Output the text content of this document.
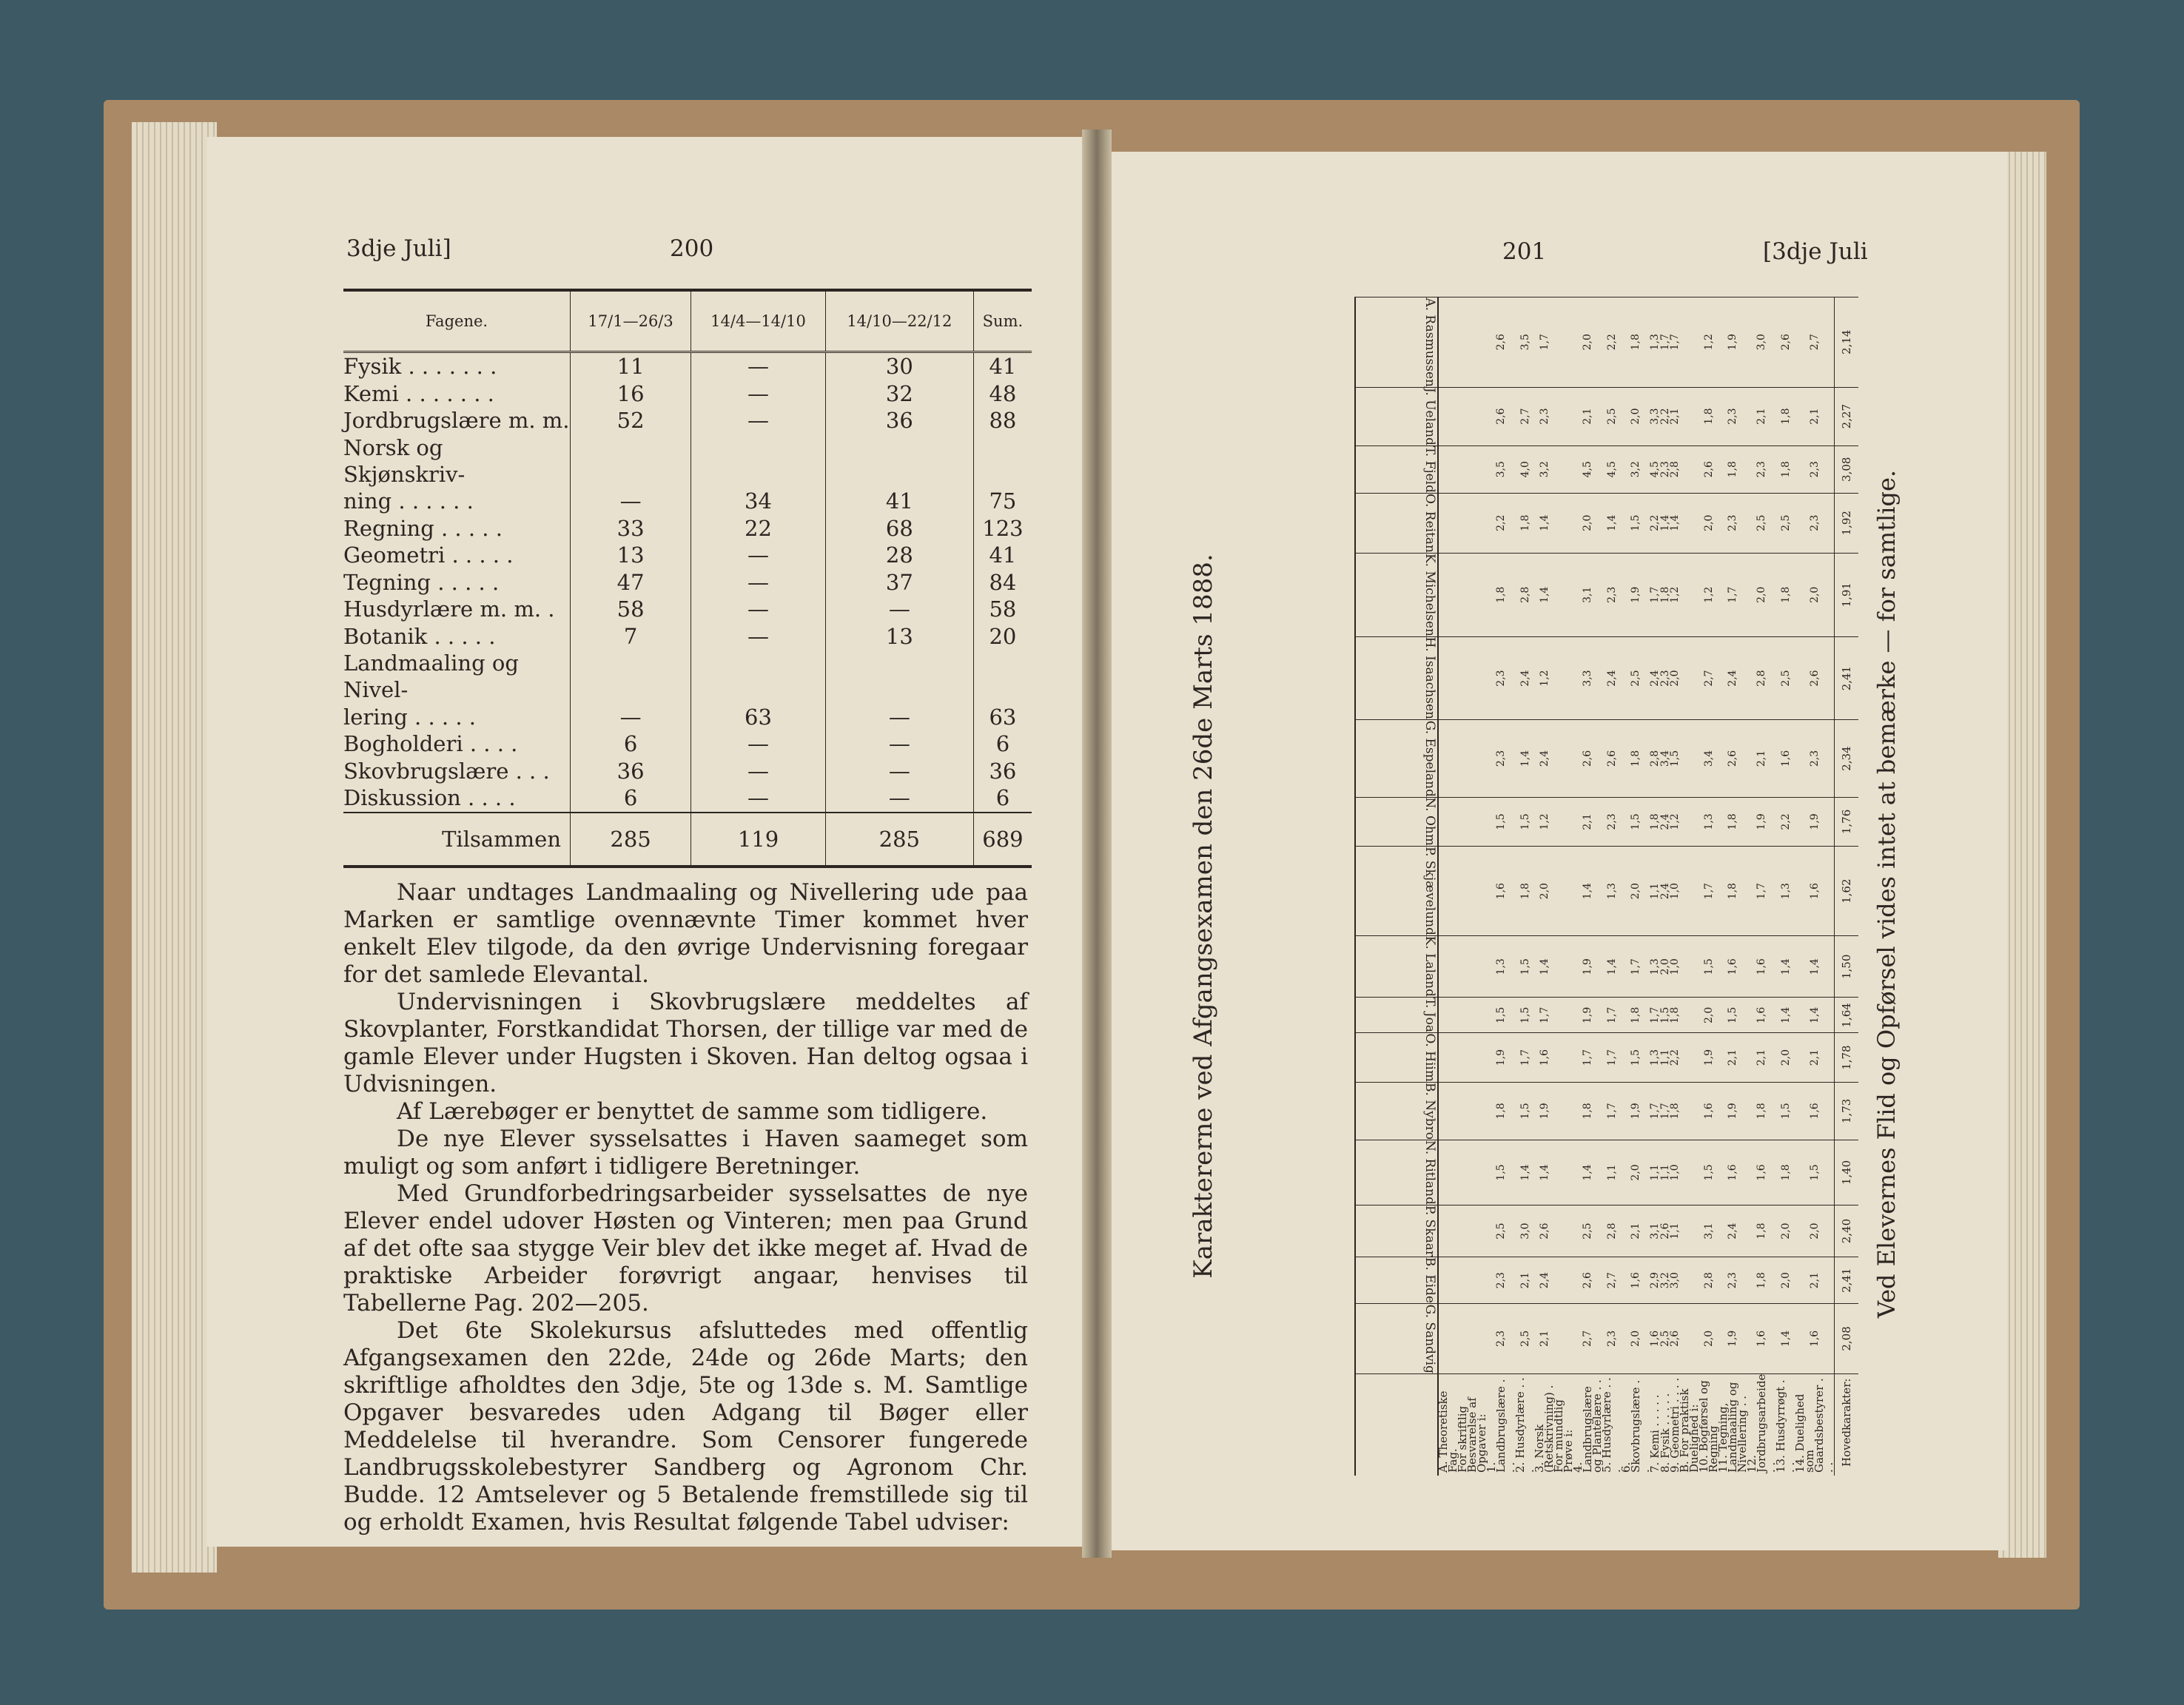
3dje Juli]	200
Fagene.	17/1—26/3	14/4—14/10	14/10—22/12	Sum.
Fysik . . . . . . .	11	—	30	41
Kemi . . . . . . .	16	—	32	48
Jordbrugslære m. m.	52	—	36	88
Norsk og Skjønskriv-				
ning . . . . . .	—	34	41	75
Regning . . . . .	33	22	68	123
Geometri . . . . .	13	—	28	41
Tegning . . . . .	47	—	37	84
Husdyrlære m. m. .	58	—	—	58
Botanik . . . . .	7	—	13	20
Landmaaling og Nivel-				
lering . . . . .	—	63	—	63
Bogholderi . . . .	6	—	—	6
Skovbrugslære . . .	36	—	—	36
Diskussion . . . .	6	—	—	6
Tilsammen	285	119	285	689

Naar undtages Landmaaling og Nivellering ude paa Marken er samtlige ovennævnte Timer kommet hver enkelt Elev tilgode, da den øvrige Undervisning foregaar for det samlede Elevantal.

Undervisningen i Skovbrugslære meddeltes af Skovplanter, Forstkandidat Thorsen, der tillige var med de gamle Elever under Hugsten i Skoven. Han deltog ogsaa i Udvisningen.

Af Lærebøger er benyttet de samme som tidligere.

De nye Elever sysselsattes i Haven saameget som muligt og som anført i tidligere Beretninger.

Med Grundforbedringsarbeider sysselsattes de nye Elever endel udover Høsten og Vinteren; men paa Grund af det ofte saa stygge Veir blev det ikke meget af. Hvad de praktiske Arbeider forøvrigt angaar, henvises til Tabellerne Pag. 202—205.

Det 6te Skolekursus afsluttedes med offentlig Afgangsexamen den 22de, 24de og 26de Marts; den skriftlige afholdtes den 3dje, 5te og 13de s. M. Samtlige Opgaver besvaredes uden Adgang til Bøger eller Meddelelse til hverandre. Som Censorer fungerede Landbrugsskolebestyrer Sandberg og Agronom Chr. Budde. 12 Amtselever og 5 Betalende fremstillede sig til og erholdt Examen, hvis Resultat følgende Tabel udviser:

201	[3dje Juli
Karaktererne ved Afgangsexamen den 26de Marts 1888.

	G. Sandvig	B. Eide	P. Skaar	N. Ritland	B. Nybro	O. Hiim	T. Joa	K. Laland	P. Skjævelund	N. Ohm	G. Espeland	H. Isaachsen	K. Michelsen	O. Reitan	T. Fjeld	J. Ueland	A. Rasmussen

A. Theoretiske Fag.																	
For skriftlig Besvarelse af Opgaver i:																	
1. Landbrugslære . . .	2,3	2,3	2,5	1,5	1,8	1,9	1,5	1,3	1,6	1,5	2,3	2,3	1,8	2,2	3,5	2,6	2,6
2. Husdyrlære . . .	2,5	2,1	3,0	1,4	1,5	1,7	1,5	1,5	1,8	1,5	1,4	2,4	2,8	1,8	4,0	2,7	3,5
3. Norsk (Retskrivning) .	2,1	2,4	2,6	1,4	1,9	1,6	1,7	1,4	2,0	1,2	2,4	1,2	1,4	1,4	3,2	2,3	1,7
For mundtlig Prøve i:																	
4. Landbrugslære og Plantelære . .	2,7	2,6	2,5	1,4	1,8	1,7	1,9	1,9	1,4	2,1	2,6	3,3	3,1	2,0	4,5	2,1	2,0
5. Husdyrlære . . .	2,3	2,7	2,8	1,1	1,7	1,7	1,7	1,4	1,3	2,3	2,6	2,4	2,3	1,4	4,5	2,5	2,2
6. Skovbrugslære . .	2,0	1,6	2,1	2,0	1,9	1,5	1,8	1,7	2,0	1,5	1,8	2,5	1,9	1,5	3,2	2,0	1,8
7. Kemi . . . . .	1,6	2,9	3,1	1,1	1,7	1,3	1,7	1,3	1,1	1,8	2,8	2,4	1,7	2,2	4,5	3,3	1,3
8. Fysik . . . . .	2,5	3,2	2,6	1,1	1,7	1,1	1,5	2,0	2,4	2,4	3,4	2,3	1,8	1,4	2,3	2,2	1,7
9. Geometri . . . .	2,6	3,0	1,1	1,0	1,8	2,2	1,8	1,0	1,0	1,2	1,5	2,0	1,2	1,4	2,8	2,1	1,7
B. For praktisk Duelighed i:																	
10. Bogførsel og Regning	2,0	2,8	3,1	1,5	1,6	1,9	2,0	1,5	1,7	1,3	3,4	2,7	1,2	2,0	2,6	1,8	1,2
11. Tegning, Landmaaling og Nivellering . .	1,9	2,3	2,4	1,6	1,9	2,1	1,5	1,6	1,8	1,8	2,6	2,4	1,7	2,3	1,8	2,3	1,9
12. Jordbrugsarbeide . .	1,6	1,8	1,8	1,6	1,8	2,1	1,6	1,6	1,7	1,9	2,1	2,8	2,0	2,5	2,3	2,1	3,0
13. Husdyrrøgt . . .	1,4	2,0	2,0	1,8	1,5	2,0	1,4	1,4	1,3	2,2	1,6	2,5	1,8	2,5	1,8	1,8	2,6
14. Duelighed som Gaardsbestyrer . . .	1,6	2,1	2,0	1,5	1,6	2,1	1,4	1,4	1,6	1,9	2,3	2,6	2,0	2,3	2,3	2,1	2,7
Hovedkarakter:	2,08	2,41	2,40	1,40	1,73	1,78	1,64	1,50	1,62	1,76	2,34	2,41	1,91	1,92	3,08	2,27	2,14
Ved Elevernes Flid og Opførsel vides intet at bemærke — for samtlige.
